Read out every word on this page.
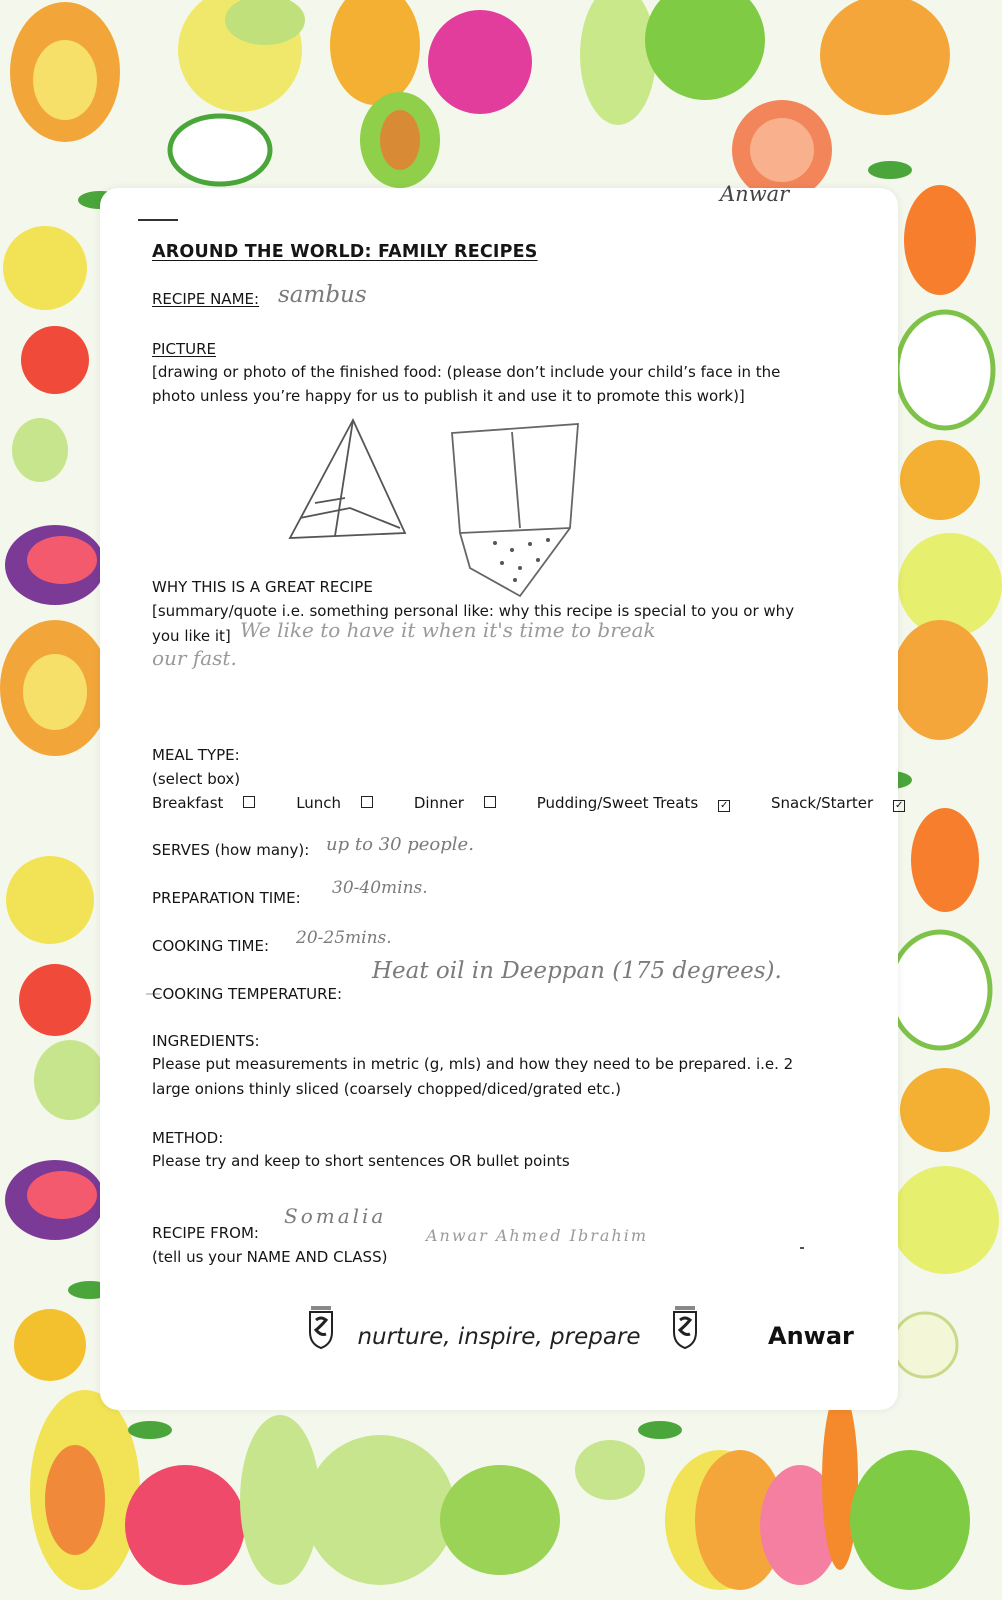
Anwar
AROUND THE WORLD: FAMILY RECIPES
RECIPE NAME: sambus
PICTURE
[drawing or photo of the finished food: (please don’t include your child’s face in the
photo unless you’re happy for us to publish it and use it to promote this work)]
WHY THIS IS A GREAT RECIPE
[summary/quote i.e. something personal like: why this recipe is special to you or why
you like it] We like to have it when it's time to break
our fast.
MEAL TYPE:
(select box)
Breakfast	Lunch	Dinner	Pudding/Sweet Treats ✓	Snack/Starter ✓
SERVES (how many): up to 30 people.
PREPARATION TIME: 30-40mins.
COOKING TIME: 20-25mins.
COOKING TEMPERATURE:
Heat oil in Deeppan (175 degrees).
INGREDIENTS:
Please put measurements in metric (g, mls) and how they need to be prepared. i.e. 2
large onions thinly sliced (coarsely chopped/diced/grated etc.)
METHOD:
Please try and keep to short sentences OR bullet points
RECIPE FROM:
Somalia
(tell us your NAME AND CLASS)
Anwar Ahmed Ibrahim
nurture, inspire, prepare	Anwar
